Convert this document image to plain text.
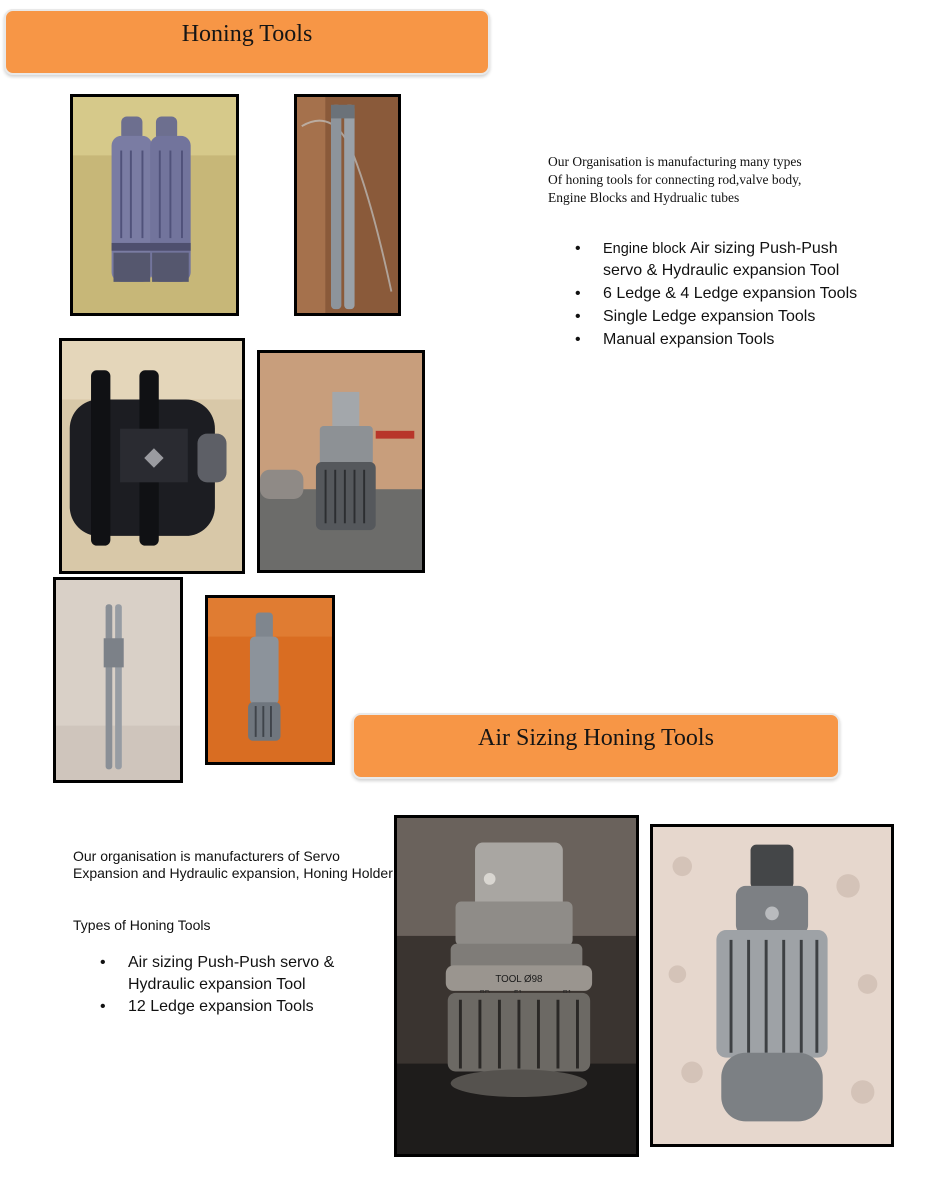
Honing Tools
Our Organisation is manufacturing many types
Of honing tools for connecting rod,valve body,
Engine Blocks and Hydrualic tubes
•	Engine block Air sizing Push-Push servo & Hydraulic expansion Tool
•	6 Ledge & 4 Ledge expansion Tools
•	Single Ledge expansion Tools
•	Manual expansion Tools
Air Sizing Honing Tools
Our organisation is manufacturers of Servo Expansion and Hydraulic expansion, Honing Holder
Types of Honing Tools
•	Air sizing Push-Push servo & Hydraulic expansion Tool
•	12 Ledge expansion Tools
TOOL Ø98
